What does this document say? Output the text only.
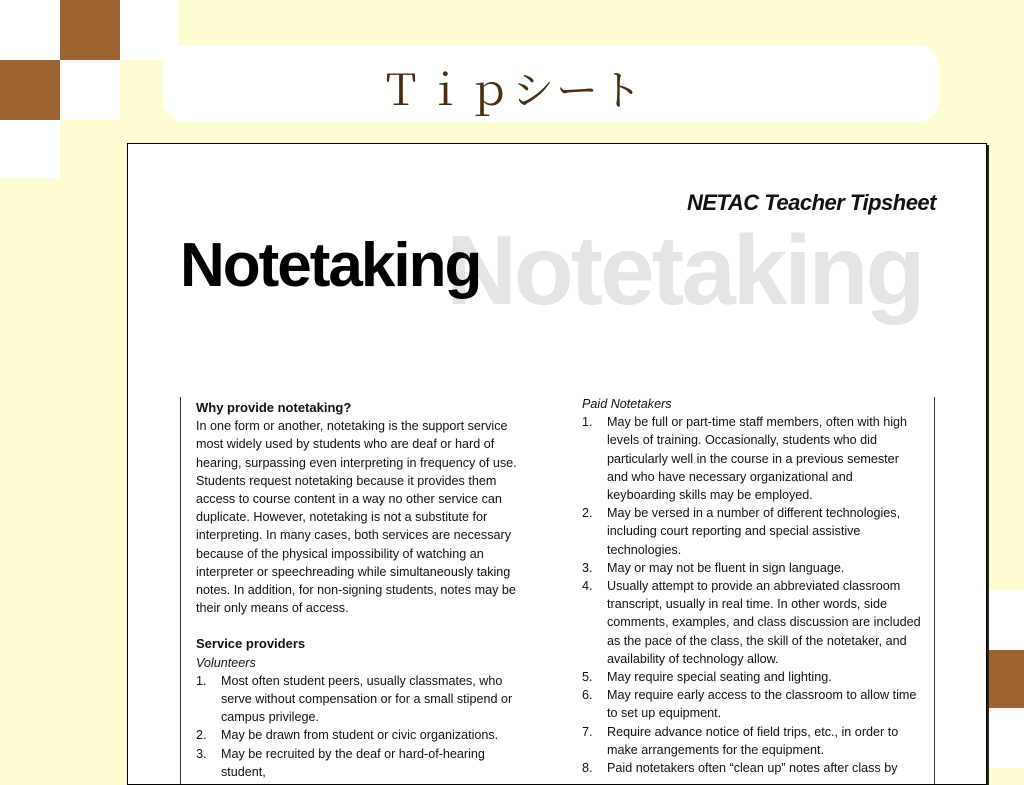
Ｔｉｐシート
NETAC Teacher Tipsheet
Notetaking
Notetaking

Why provide notetaking?

In one form or another, notetaking is the support service most widely used by students who are deaf or hard of hearing, surpassing even interpreting in frequency of use. Students request notetaking because it provides them access to course content in a way no other service can duplicate. However, notetaking is not a substitute for interpreting. In many cases, both services are necessary because of the physical impossibility of watching an interpreter or speechreading while simultaneously taking notes. In addition, for non-signing students, notes may be their only means of access.

Service providers

Volunteers

1. Most often student peers, usually classmates, who serve without compensation or for a small stipend or campus privilege.
2. May be drawn from student or civic organizations.
3. May be recruited by the deaf or hard-of-hearing student,

Paid Notetakers

1. May be full or part-time staff members, often with high levels of training. Occasionally, students who did particularly well in the course in a previous semester and who have necessary organizational and keyboarding skills may be employed.
2. May be versed in a number of different technologies, including court reporting and special assistive technologies.
3. May or may not be fluent in sign language.
4. Usually attempt to provide an abbreviated classroom transcript, usually in real time. In other words, side comments, examples, and class discussion are included as the pace of the class, the skill of the notetaker, and availability of technology allow.
5. May require special seating and lighting.
6. May require early access to the classroom to allow time to set up equipment.
7. Require advance notice of field trips, etc., in order to make arrangements for the equipment.
8. Paid notetakers often “clean up” notes after class by
